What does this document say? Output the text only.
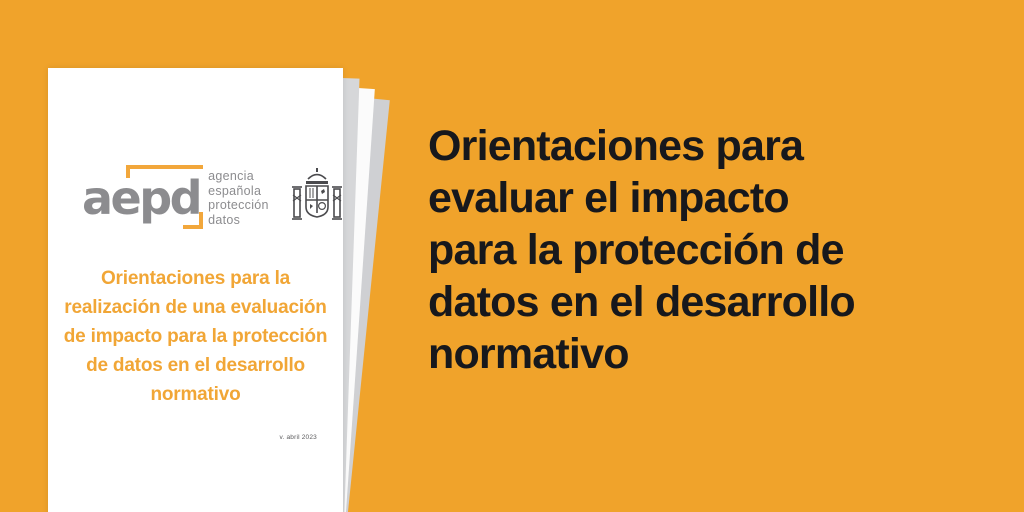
aepd agencia
española
protección
datos
Orientaciones para la realización de una evaluación de impacto para la protección de datos en el desarrollo normativo
v. abril 2023
Orientaciones para
evaluar el impacto
para la protección de
datos en el desarrollo
normativo
